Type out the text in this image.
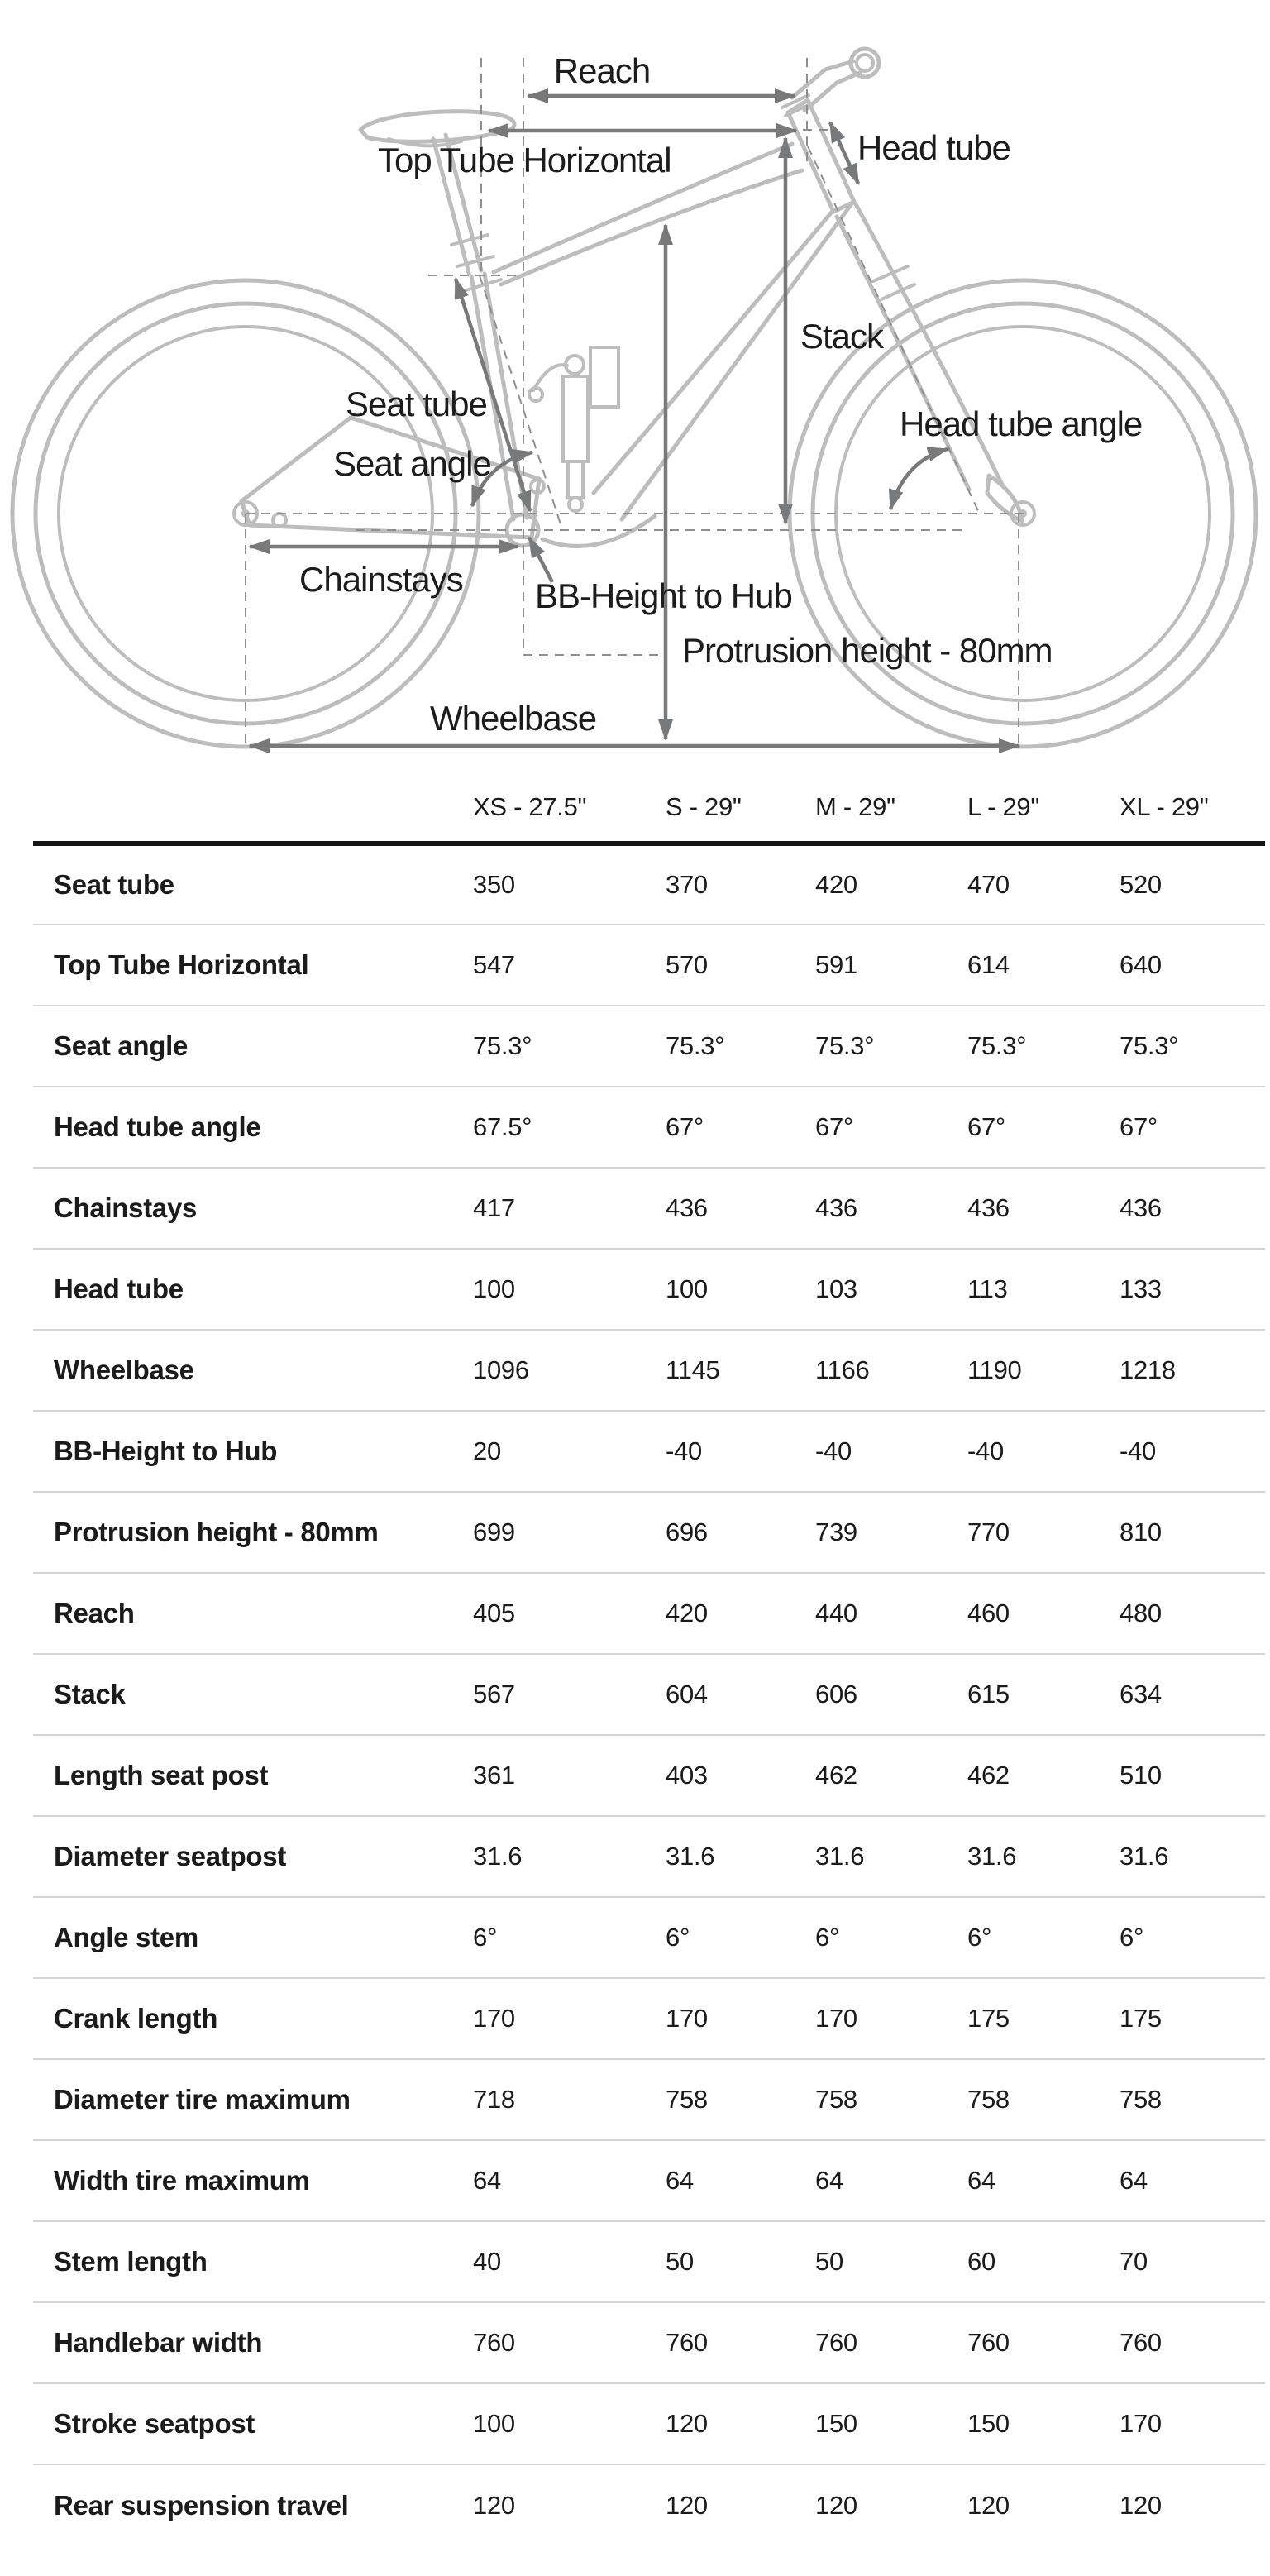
Reach
Top Tube Horizontal	Head tube
Stack
Seat tube
Seat angle
Head tube angle
Chainstays BB-Height to Hub
Protrusion height - 80mm
Wheelbase
	XS - 27.5"	S - 29"	M - 29"	L - 29"	XL - 29"
Seat tube	350	370	420	470	520
Top Tube Horizontal	547	570	591	614	640
Seat angle	75.3°	75.3°	75.3°	75.3°	75.3°
Head tube angle	67.5°	67°	67°	67°	67°
Chainstays	417	436	436	436	436
Head tube	100	100	103	113	133
Wheelbase	1096	1145	1166	1190	1218
BB-Height to Hub	20	-40	-40	-40	-40
Protrusion height - 80mm	699	696	739	770	810
Reach	405	420	440	460	480
Stack	567	604	606	615	634
Length seat post	361	403	462	462	510
Diameter seatpost	31.6	31.6	31.6	31.6	31.6
Angle stem	6°	6°	6°	6°	6°
Crank length	170	170	170	175	175
Diameter tire maximum	718	758	758	758	758
Width tire maximum	64	64	64	64	64
Stem length	40	50	50	60	70
Handlebar width	760	760	760	760	760
Stroke seatpost	100	120	150	150	170
Rear suspension travel	120	120	120	120	120
